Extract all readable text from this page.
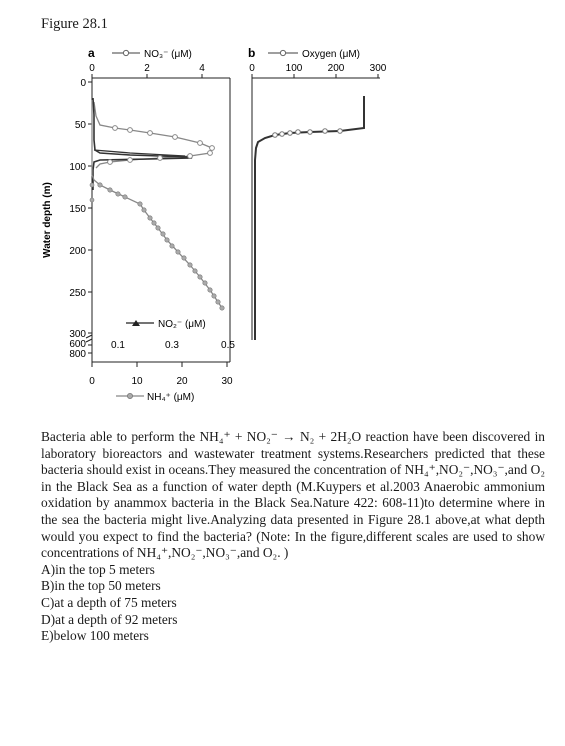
Figure 28.1
a	b
NO₃⁻ (μM)	Oxygen (μM)
0	2	4	0	100	200	300
0
50
100
150
200
250
300
600
800
Water depth (m)
NO₂⁻ (μM)
0.1	0.3	0.5
0	10	20	30
NH₄⁺ (μM)

Bacteria able to perform the NH₄⁺ + NO₂⁻ → N₂ + 2H₂O reaction have been discovered in laboratory bioreactors and wastewater treatment systems.Researchers predicted that these bacteria should exist in oceans.They measured the concentration of NH₄⁺,NO₂⁻,NO₃⁻,and O₂ in the Black Sea as a function of water depth (M.Kuypers et al.2003 Anaerobic ammonium oxidation by anammox bacteria in the Black Sea.Nature 422: 608-11)to determine where in the sea the bacteria might live.Analyzing data presented in Figure 28.1 above,at what depth would you expect to find the bacteria? (Note: In the figure,different scales are used to show concentrations of NH₄⁺,NO₂⁻,NO₃⁻,and O₂. )

A)in the top 5 meters
B)in the top 50 meters
C)at a depth of 75 meters
D)at a depth of 92 meters
E)below 100 meters
